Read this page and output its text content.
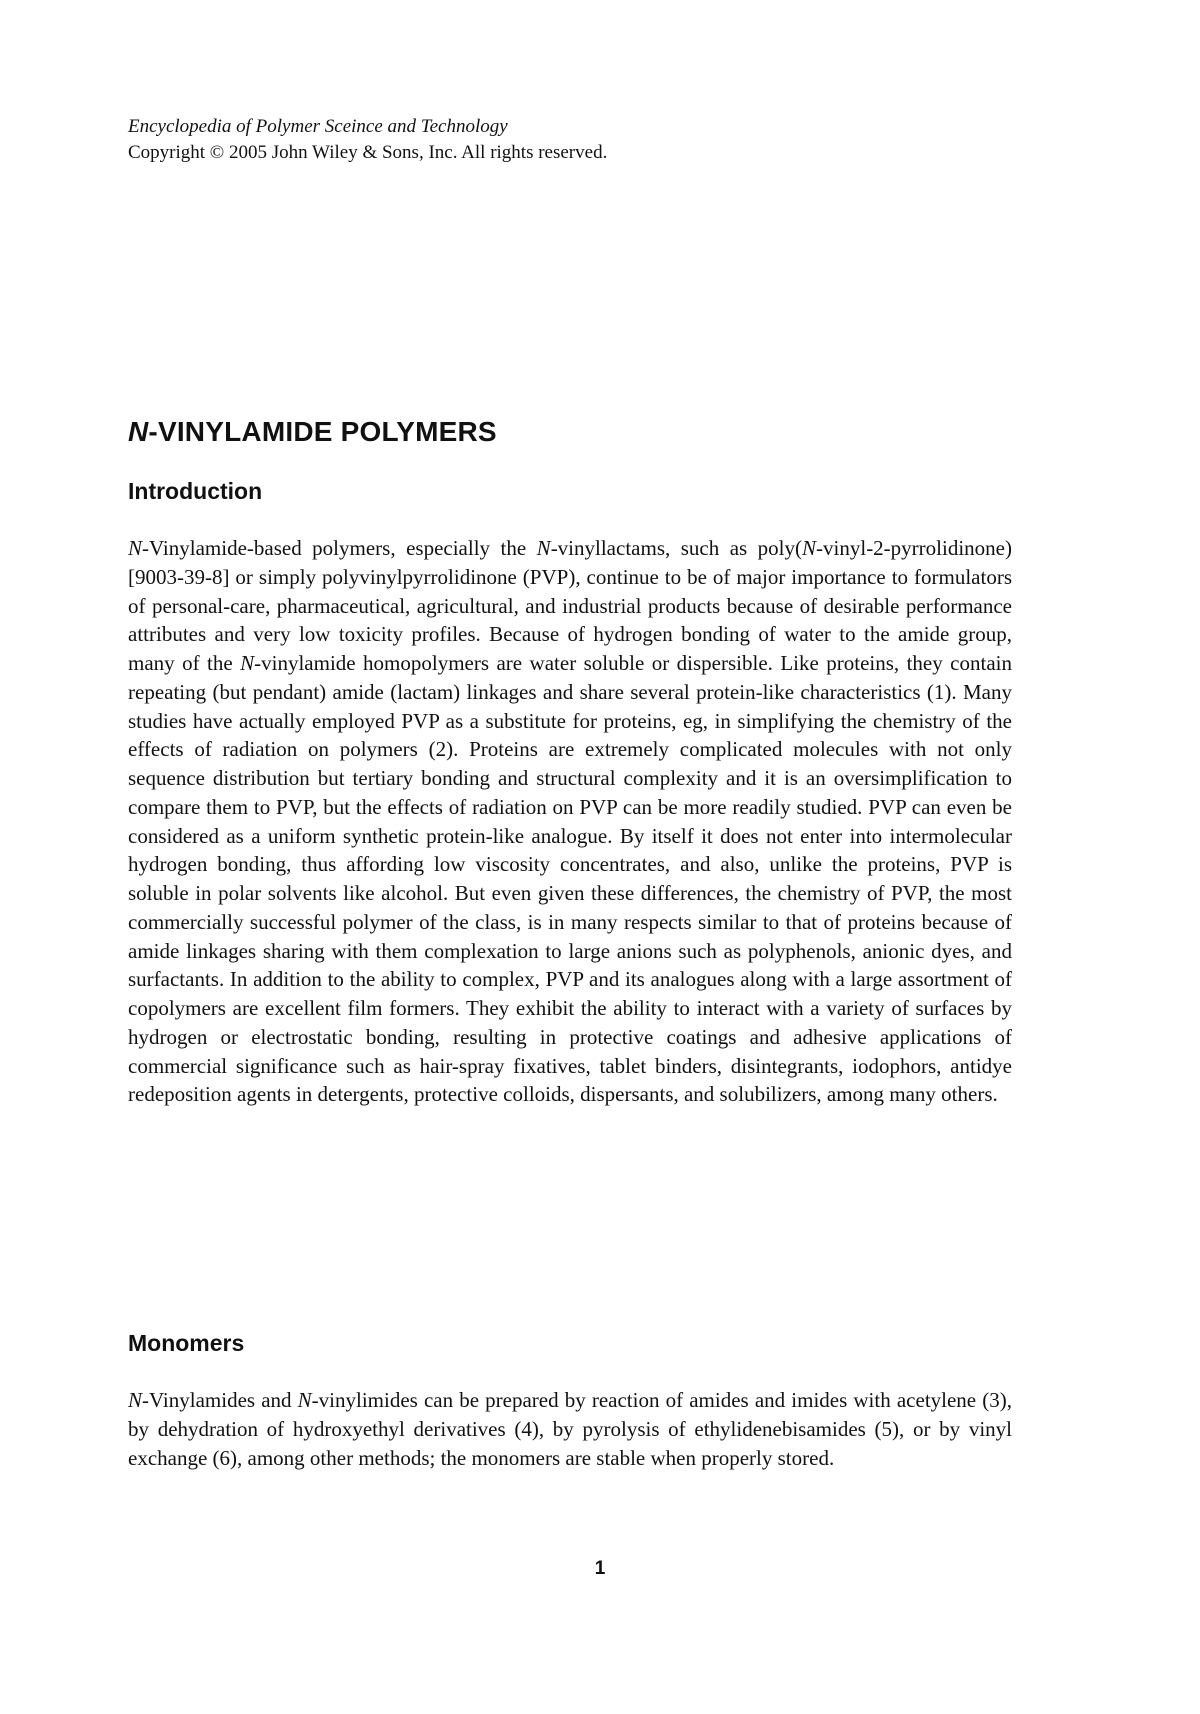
Encyclopedia of Polymer Sceince and Technology
Copyright © 2005 John Wiley & Sons, Inc. All rights reserved.
N-VINYLAMIDE POLYMERS
Introduction

N-Vinylamide-based polymers, especially the N-vinyllactams, such as poly(N-vinyl-2-pyrrolidinone) [9003-39-8] or simply polyvinylpyrrolidinone (PVP), continue to be of major importance to formulators of personal-care, pharmaceutical, agricultural, and industrial products because of desirable performance attributes and very low toxicity profiles. Because of hydrogen bonding of water to the amide group, many of the N-vinylamide homopolymers are water soluble or dispersible. Like proteins, they contain repeating (but pendant) amide (lactam) linkages and share several protein-like characteristics (1). Many studies have actually employed PVP as a substitute for proteins, eg, in simplifying the chemistry of the effects of radiation on polymers (2). Proteins are extremely complicated molecules with not only sequence distribution but tertiary bonding and structural complexity and it is an oversimplification to compare them to PVP, but the effects of radiation on PVP can be more readily studied. PVP can even be considered as a uniform synthetic protein-like analogue. By itself it does not enter into intermolecular hydrogen bonding, thus affording low viscosity concentrates, and also, unlike the proteins, PVP is soluble in polar solvents like alcohol. But even given these differences, the chemistry of PVP, the most commercially successful polymer of the class, is in many respects similar to that of proteins because of amide linkages sharing with them complexation to large anions such as polyphenols, anionic dyes, and surfactants. In addition to the ability to complex, PVP and its analogues along with a large assortment of copolymers are excellent film formers. They exhibit the ability to interact with a variety of surfaces by hydrogen or electrostatic bonding, resulting in protective coatings and adhesive applications of commercial significance such as hair-spray fixatives, tablet binders, disintegrants, iodophors, antidye redeposition agents in detergents, protective colloids, dispersants, and solubilizers, among many others.

Monomers

N-Vinylamides and N-vinylimides can be prepared by reaction of amides and imides with acetylene (3), by dehydration of hydroxyethyl derivatives (4), by pyrolysis of ethylidenebisamides (5), or by vinyl exchange (6), among other methods; the monomers are stable when properly stored.

1
